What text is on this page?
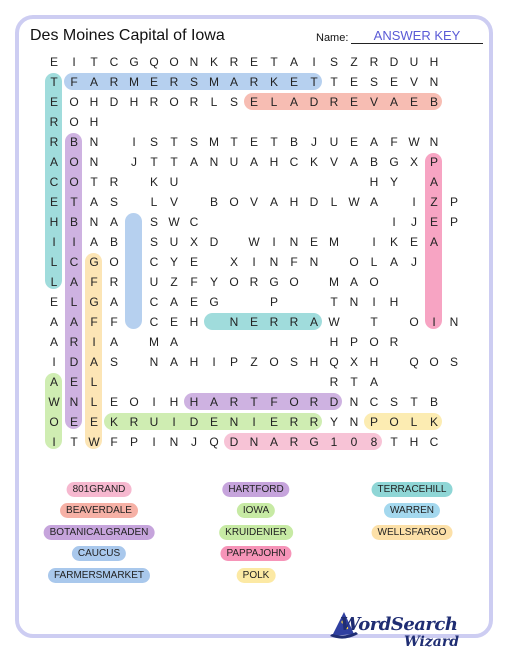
Des Moines Capital of Iowa	Name:	ANSWER KEY
E	I	T C G Q O N K R E	T	A	I	S	Z R D U H
T	F	A R M E R S M A R K E	T	T	E S E V N
E O H D H R O R	L	S E	L	A D R E V A E B
R O H
R B N	I	S	T	S M T	E	T	B	J	U E A	F W N
A O N	J	T	T	A N U A H C K V A B G X P
C O T R	K U	H Y	A
E	T	A S	L	V	B O V A H D	L W A	I	Z	P
H B N A	S W C	I	J	E P
I	I	A B	S U X D	W	I	N E M	I	K E A
L	C G O	C Y E	X	I	N	F N	O L	A	J
L	A	F R	U	Z	F	Y O R G O	M A O
E	L G A	C A E G	P	T N	I	H
A A	F	F	C E H	N E R R A W	T	O	I	N
A R	I	A	M A	H P O R
I	D A S	N A H	I	P	Z O S H Q X H	Q O S
A E	L	R	T	A
W N	L	E O	I	H H A R	T	F O R D N C S	T	B
O E E K R U	I	D E N	I	E R R Y N P O L	K
I	T W F	P	I	N	J	Q D N A R G 1	0	8	T H C
801GRAND	HARTFORD	TERRACEHILL
BEAVERDALE	IOWA	WARREN
BOTANICALGRADEN	KRUIDENIER	WELLSFARGO
CAUCUS	PAPPAJOHN
FARMERSMARKET	POLK
WordSearch
Wizard
